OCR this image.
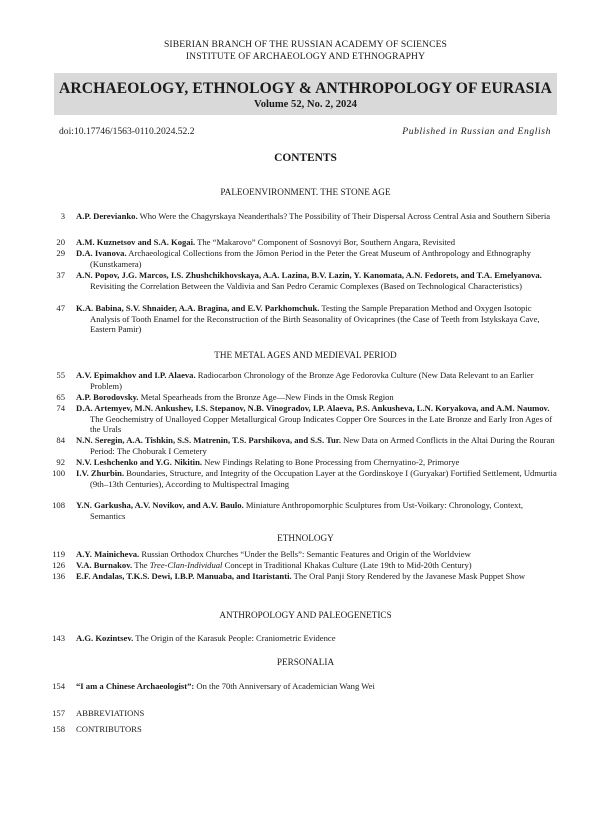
SIBERIAN BRANCH OF THE RUSSIAN ACADEMY OF SCIENCES
INSTITUTE OF ARCHAEOLOGY AND ETHNOGRAPHY
ARCHAEOLOGY, ETHNOLOGY & ANTHROPOLOGY OF EURASIA
Volume 52, No. 2, 2024
doi:10.17746/1563-0110.2024.52.2	Published in Russian and English
CONTENTS
PALEOENVIRONMENT. THE STONE AGE
THE METAL AGES AND MEDIEVAL PERIOD
ETHNOLOGY
ANTHROPOLOGY AND PALEOGENETICS
PERSONALIA
3 A.P. Derevianko. Who Were the Chagyrskaya Neanderthals? The Possibility of Their Dispersal Across Central Asia and Southern Siberia
20 A.M. Kuznetsov and S.A. Kogai. The “Makarovo” Component of Sosnovyi Bor, Southern Angara, Revisited
29 D.A. Ivanova. Archaeological Collections from the Jōmon Period in the Peter the Great Museum of Anthropology and Ethnography (Kunstkamera)
37 A.N. Popov, J.G. Marcos, I.S. Zhushchikhovskaya, A.A. Lazina, B.V. Lazin, Y. Kanomata, A.N. Fedorets, and T.A. Emelyanova. Revisiting the Correlation Between the Valdivia and San Pedro Ceramic Complexes (Based on Technological Characteristics)
47 K.A. Babina, S.V. Shnaider, A.A. Bragina, and E.V. Parkhomchuk. Testing the Sample Preparation Method and Oxygen Isotopic Analysis of Tooth Enamel for the Reconstruction of the Birth Seasonality of Ovicaprines (the Case of Teeth from Istykskaya Cave, Eastern Pamir)
55 A.V. Epimakhov and I.P. Alaeva. Radiocarbon Chronology of the Bronze Age Fedorovka Culture (New Data Relevant to an Earlier Problem)
65 A.P. Borodovsky. Metal Spearheads from the Bronze Age—New Finds in the Omsk Region
74 D.A. Artemyev, M.N. Ankushev, I.S. Stepanov, N.B. Vinogradov, I.P. Alaeva, P.S. Ankusheva, L.N. Koryakova, and A.M. Naumov. The Geochemistry of Unalloyed Copper Metallurgical Group Indicates Copper Ore Sources in the Late Bronze and Early Iron Ages of the Urals
84 N.N. Seregin, A.A. Tishkin, S.S. Matrenin, T.S. Parshikova, and S.S. Tur. New Data on Armed Conflicts in the Altai During the Rouran Period: The Choburak I Cemetery
92 N.V. Leshchenko and Y.G. Nikitin. New Findings Relating to Bone Processing from Chernyatino-2, Primorye
100 I.V. Zhurbin. Boundaries, Structure, and Integrity of the Occupation Layer at the Gordinskoye I (Guryakar) Fortified Settlement, Udmurtia (9th–13th Centuries), According to Multispectral Imaging
108 Y.N. Garkusha, A.V. Novikov, and A.V. Baulo. Miniature Anthropomorphic Sculptures from Ust-Voikary: Chronology, Context, Semantics
119 A.Y. Mainicheva. Russian Orthodox Churches “Under the Bells”: Semantic Features and Origin of the Worldview
126 V.A. Burnakov. The Tree-Clan-Individual Concept in Traditional Khakas Culture (Late 19th to Mid-20th Century)
136 E.F. Andalas, T.K.S. Dewi, I.B.P. Manuaba, and Itaristanti. The Oral Panji Story Rendered by the Javanese Mask Puppet Show
143 A.G. Kozintsev. The Origin of the Karasuk People: Craniometric Evidence
154 “I am a Chinese Archaeologist”: On the 70th Anniversary of Academician Wang Wei
157 ABBREVIATIONS
158 CONTRIBUTORS
